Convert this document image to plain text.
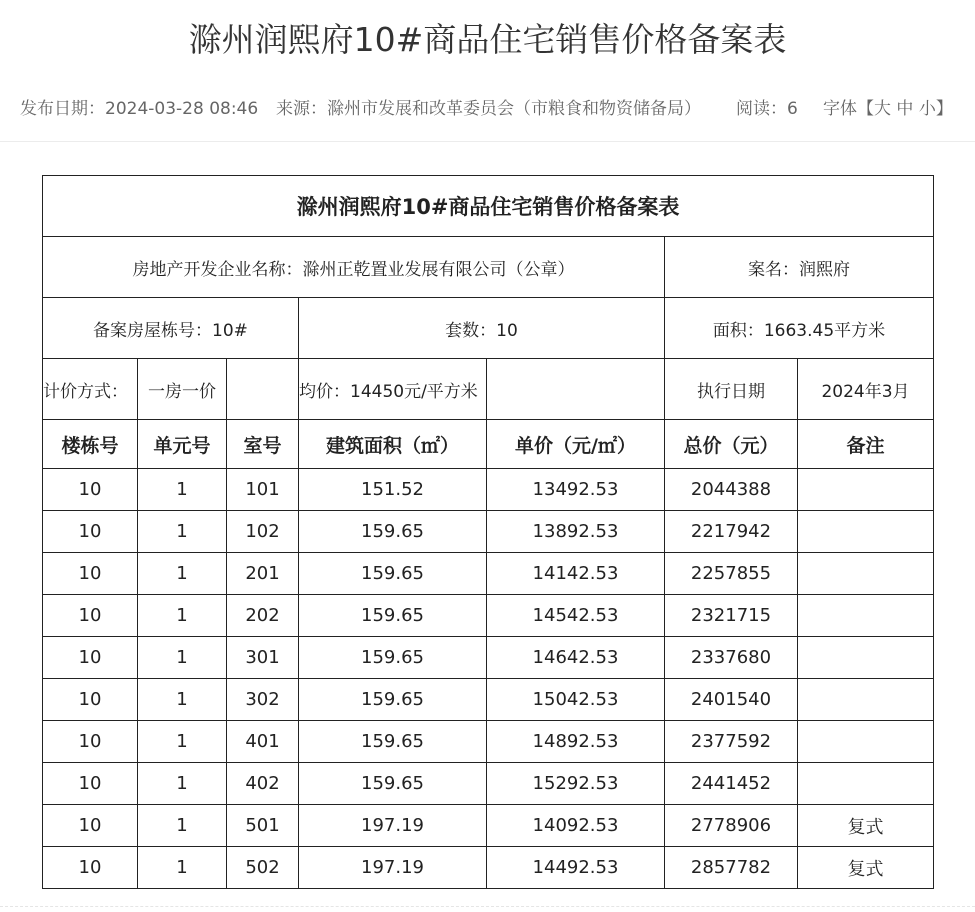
滁州润熙府10#商品住宅销售价格备案表
发布日期：2024-03-28 08:46 来源：滁州市发展和改革委员会（市粮食和物资储备局） 阅读：6 字体【大 中 小】
滁州润熙府10#商品住宅销售价格备案表						
房地产开发企业名称：滁州正乾置业发展有限公司（公章）					案名：润熙府	
备案房屋栋号：10#			套数：10		面积：1663.45平方米	
计价方式：	一房一价		均价：14450元/平方米		执行日期	2024年3月
楼栋号	单元号	室号	建筑面积（㎡）	单价（元/㎡）	总价（元）	备注
10	1	101	151.52	13492.53	2044388	
10	1	102	159.65	13892.53	2217942	
10	1	201	159.65	14142.53	2257855	
10	1	202	159.65	14542.53	2321715	
10	1	301	159.65	14642.53	2337680	
10	1	302	159.65	15042.53	2401540	
10	1	401	159.65	14892.53	2377592	
10	1	402	159.65	15292.53	2441452	
10	1	501	197.19	14092.53	2778906	复式
10	1	502	197.19	14492.53	2857782	复式
